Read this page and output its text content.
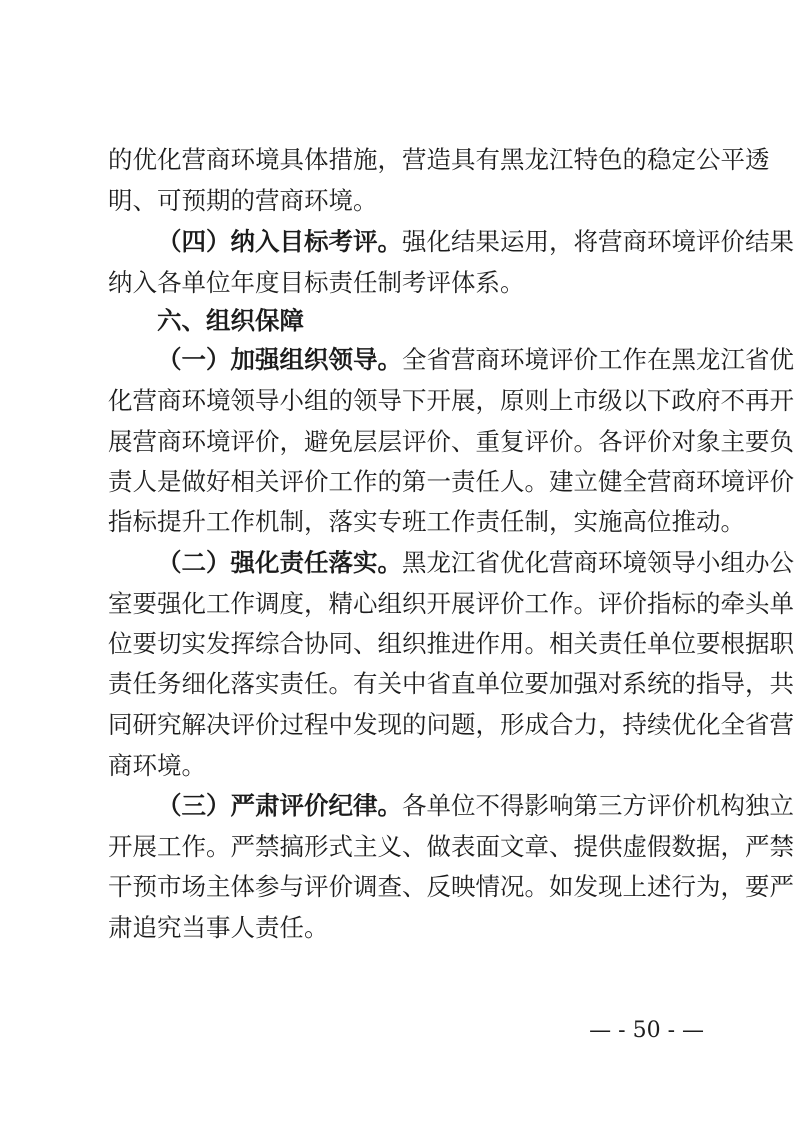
的优化营商环境具体措施，营造具有黑龙江特色的稳定公平透
明、可预期的营商环境。
（四）纳入目标考评。强化结果运用，将营商环境评价结果
纳入各单位年度目标责任制考评体系。
六、组织保障
（一）加强组织领导。全省营商环境评价工作在黑龙江省优
化营商环境领导小组的领导下开展，原则上市级以下政府不再开
展营商环境评价，避免层层评价、重复评价。各评价对象主要负
责人是做好相关评价工作的第一责任人。建立健全营商环境评价
指标提升工作机制，落实专班工作责任制，实施高位推动。
（二）强化责任落实。黑龙江省优化营商环境领导小组办公
室要强化工作调度，精心组织开展评价工作。评价指标的牵头单
位要切实发挥综合协同、组织推进作用。相关责任单位要根据职
责任务细化落实责任。有关中省直单位要加强对系统的指导，共
同研究解决评价过程中发现的问题，形成合力，持续优化全省营
商环境。
（三）严肃评价纪律。各单位不得影响第三方评价机构独立
开展工作。严禁搞形式主义、做表面文章、提供虚假数据，严禁
干预市场主体参与评价调查、反映情况。如发现上述行为，要严
肃追究当事人责任。
— - 50 - —
